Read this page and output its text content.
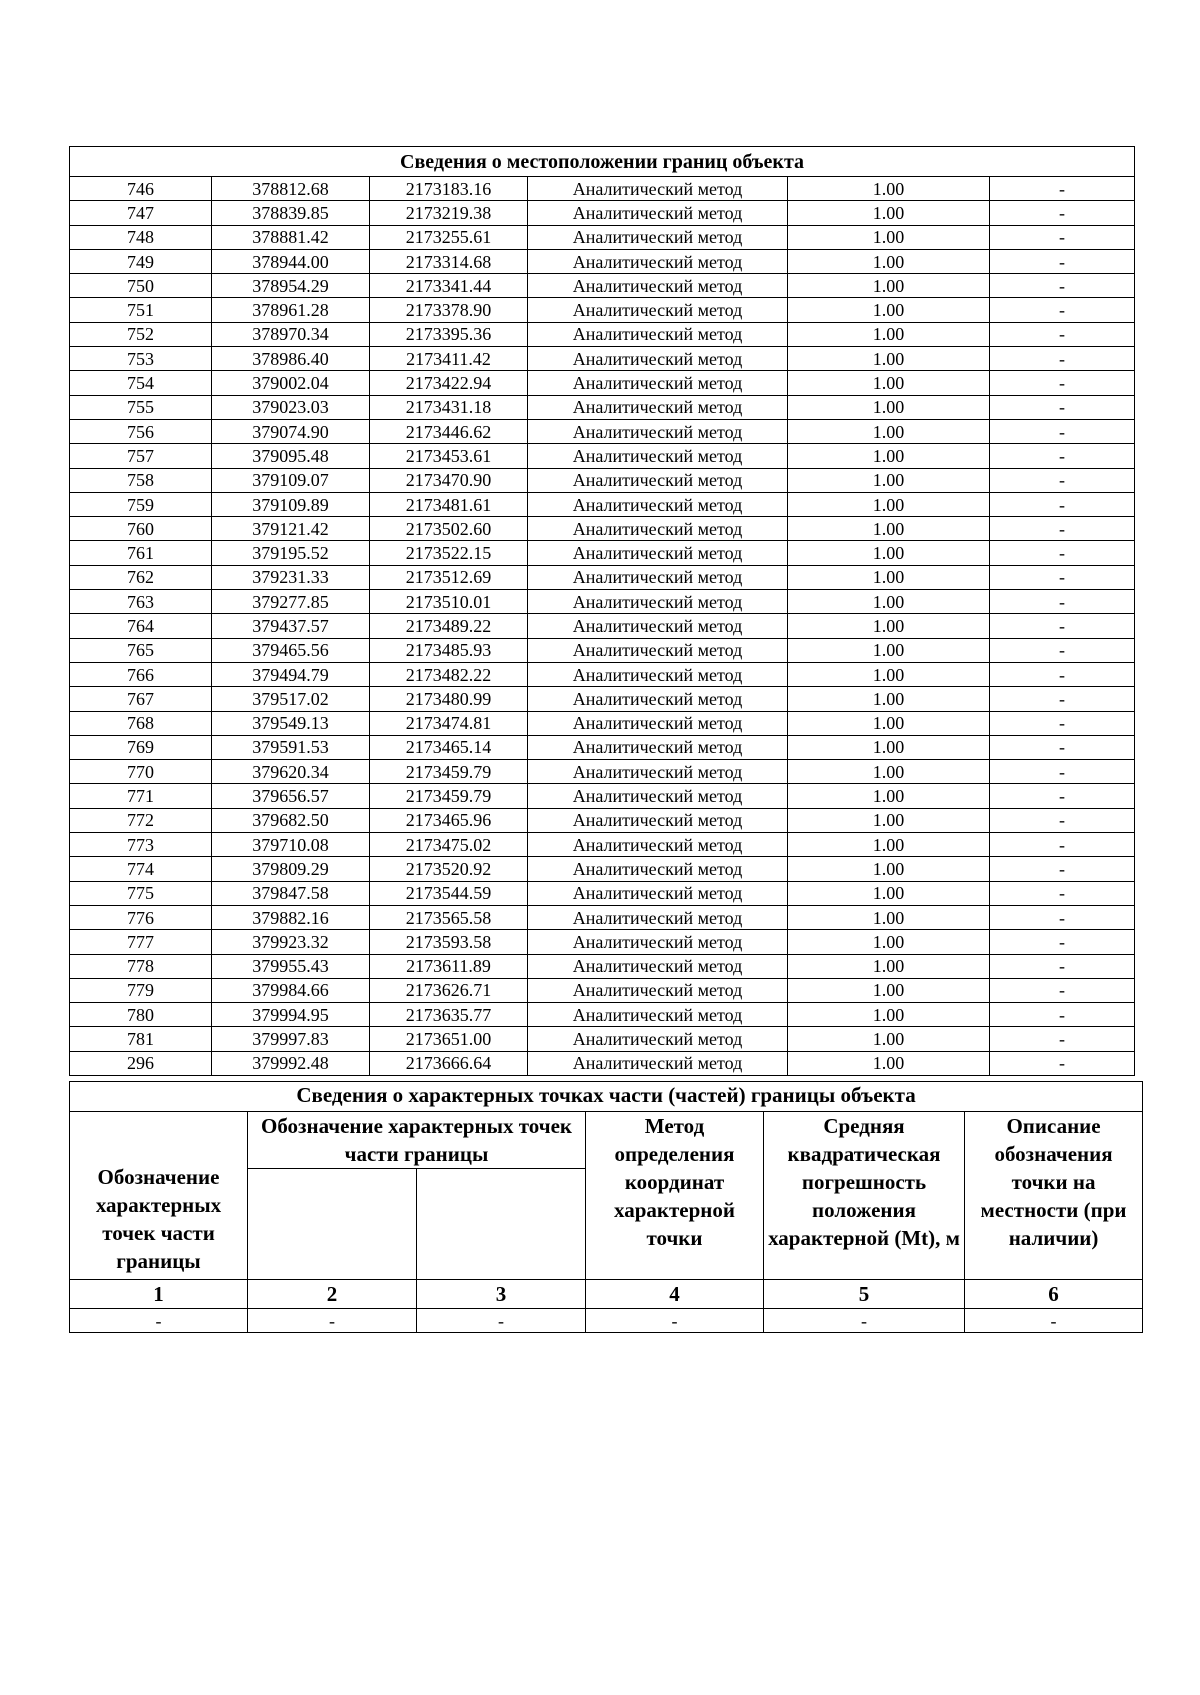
Сведения о местоположении границ объекта					
746	378812.68	2173183.16	Аналитический метод	1.00	-
747	378839.85	2173219.38	Аналитический метод	1.00	-
748	378881.42	2173255.61	Аналитический метод	1.00	-
749	378944.00	2173314.68	Аналитический метод	1.00	-
750	378954.29	2173341.44	Аналитический метод	1.00	-
751	378961.28	2173378.90	Аналитический метод	1.00	-
752	378970.34	2173395.36	Аналитический метод	1.00	-
753	378986.40	2173411.42	Аналитический метод	1.00	-
754	379002.04	2173422.94	Аналитический метод	1.00	-
755	379023.03	2173431.18	Аналитический метод	1.00	-
756	379074.90	2173446.62	Аналитический метод	1.00	-
757	379095.48	2173453.61	Аналитический метод	1.00	-
758	379109.07	2173470.90	Аналитический метод	1.00	-
759	379109.89	2173481.61	Аналитический метод	1.00	-
760	379121.42	2173502.60	Аналитический метод	1.00	-
761	379195.52	2173522.15	Аналитический метод	1.00	-
762	379231.33	2173512.69	Аналитический метод	1.00	-
763	379277.85	2173510.01	Аналитический метод	1.00	-
764	379437.57	2173489.22	Аналитический метод	1.00	-
765	379465.56	2173485.93	Аналитический метод	1.00	-
766	379494.79	2173482.22	Аналитический метод	1.00	-
767	379517.02	2173480.99	Аналитический метод	1.00	-
768	379549.13	2173474.81	Аналитический метод	1.00	-
769	379591.53	2173465.14	Аналитический метод	1.00	-
770	379620.34	2173459.79	Аналитический метод	1.00	-
771	379656.57	2173459.79	Аналитический метод	1.00	-
772	379682.50	2173465.96	Аналитический метод	1.00	-
773	379710.08	2173475.02	Аналитический метод	1.00	-
774	379809.29	2173520.92	Аналитический метод	1.00	-
775	379847.58	2173544.59	Аналитический метод	1.00	-
776	379882.16	2173565.58	Аналитический метод	1.00	-
777	379923.32	2173593.58	Аналитический метод	1.00	-
778	379955.43	2173611.89	Аналитический метод	1.00	-
779	379984.66	2173626.71	Аналитический метод	1.00	-
780	379994.95	2173635.77	Аналитический метод	1.00	-
781	379997.83	2173651.00	Аналитический метод	1.00	-
296	379992.48	2173666.64	Аналитический метод	1.00	-
Сведения о характерных точках части (частей) границы объекта					
Обозначение характерных точек части границы	Обозначение характерных точек части границы		Метод определения координат характерной точки	Средняя квадратическая погрешность положения характерной (Mt), м	Описание обозначения точки на местности (при наличии)

1	2	3	4	5	6
-	-	-	-	-	-
